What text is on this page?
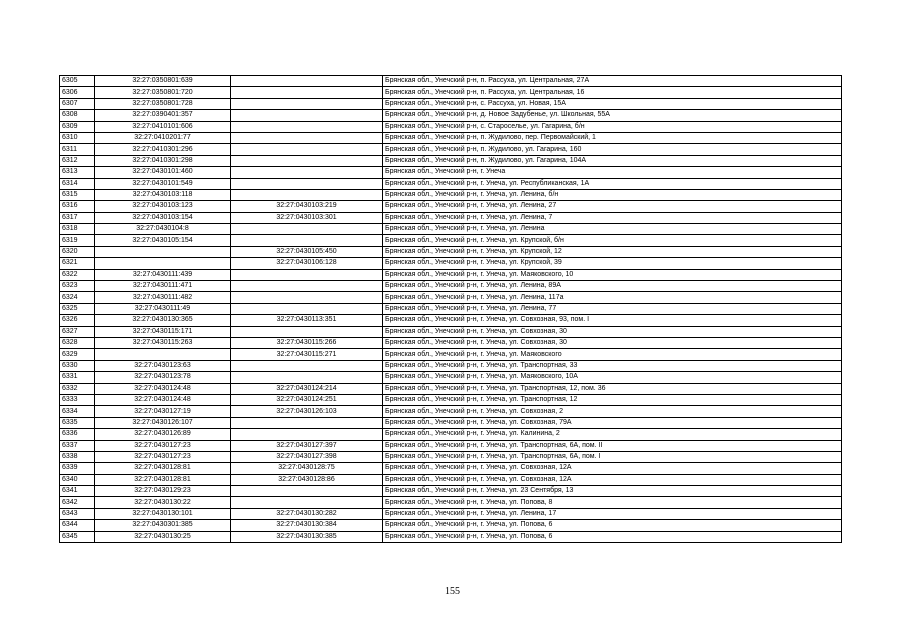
6305	32:27:0350801:639		Брянская обл., Унечский р-н, п. Рассуха, ул. Центральная, 27А
6306	32:27:0350801:720		Брянская обл., Унечский р-н, п. Рассуха, ул. Центральная, 16
6307	32:27:0350801:728		Брянская обл., Унечский р-н, с. Рассуха, ул. Новая, 15А
6308	32:27:0390401:357		Брянская обл., Унечский р-н, д. Новое Задубенье, ул. Школьная, 55А
6309	32:27:0410101:606		Брянская обл., Унечский р-н, с. Староселье, ул. Гагарина, б/н
6310	32:27:0410201:77		Брянская обл., Унечский р-н, п. Жудилово, пер. Первомайский, 1
6311	32:27:0410301:296		Брянская обл., Унечский р-н, п. Жудилово, ул. Гагарина, 160
6312	32:27:0410301:298		Брянская обл., Унечский р-н, п. Жудилово, ул. Гагарина, 104А
6313	32:27:0430101:460		Брянская обл., Унечский р-н, г. Унеча
6314	32:27:0430101:549		Брянская обл., Унечский р-н, г. Унеча, ул. Республиканская, 1А
6315	32:27:0430103:118		Брянская обл., Унечский р-н, г. Унеча, ул. Ленина, б/н
6316	32:27:0430103:123	32:27:0430103:219	Брянская обл., Унечский р-н, г. Унеча, ул. Ленина, 27
6317	32:27:0430103:154	32:27:0430103:301	Брянская обл., Унечский р-н, г. Унеча, ул. Ленина, 7
6318	32:27:0430104:8		Брянская обл., Унечский р-н, г. Унеча, ул. Ленина
6319	32:27:0430105:154		Брянская обл., Унечский р-н, г. Унеча, ул. Крупской, б/н
6320		32:27:0430105:450	Брянская обл., Унечский р-н, г. Унеча, ул. Крупской, 12
6321		32:27:0430106:128	Брянская обл., Унечский р-н, г. Унеча, ул. Крупской, 39
6322	32:27:0430111:439		Брянская обл., Унечский р-н, г. Унеча, ул. Маяковского, 10
6323	32:27:0430111:471		Брянская обл., Унечский р-н, г. Унеча, ул. Ленина, 89А
6324	32:27:0430111:482		Брянская обл., Унечский р-н, г. Унеча, ул. Ленина, 117а
6325	32:27:0430111:49		Брянская обл., Унечский р-н, г. Унеча, ул. Ленина, 77
6326	32:27:0430130:365	32:27:0430113:351	Брянская обл., Унечский р-н, г. Унеча, ул. Совхозная, 93, пом. I
6327	32:27:0430115:171		Брянская обл., Унечский р-н, г. Унеча, ул. Совхозная, 30
6328	32:27:0430115:263	32:27:0430115:266	Брянская обл., Унечский р-н, г. Унеча, ул. Совхозная, 30
6329		32:27:0430115:271	Брянская обл., Унечский р-н, г. Унеча, ул. Маяковского
6330	32:27:0430123:63		Брянская обл., Унечский р-н, г. Унеча, ул. Транспортная, 33
6331	32:27:0430123:78		Брянская обл., Унечский р-н, г. Унеча, ул. Маяковского, 10А
6332	32:27:0430124:48	32:27:0430124:214	Брянская обл., Унечский р-н, г. Унеча, ул. Транспортная, 12, пом. 36
6333	32:27:0430124:48	32:27:0430124:251	Брянская обл., Унечский р-н, г. Унеча, ул. Транспортная, 12
6334	32:27:0430127:19	32:27:0430126:103	Брянская обл., Унечский р-н, г. Унеча, ул. Совхозная, 2
6335	32:27:0430126:107		Брянская обл., Унечский р-н, г. Унеча, ул. Совхозная, 79А
6336	32:27:0430126:89		Брянская обл., Унечский р-н, г. Унеча, ул. Калинина, 2
6337	32:27:0430127:23	32:27:0430127:397	Брянская обл., Унечский р-н, г. Унеча, ул. Транспортная, 6А, пом. II
6338	32:27:0430127:23	32:27:0430127:398	Брянская обл., Унечский р-н, г. Унеча, ул. Транспортная, 6А, пом. I
6339	32:27:0430128:81	32:27:0430128:75	Брянская обл., Унечский р-н, г. Унеча, ул. Совхозная, 12А
6340	32:27:0430128:81	32:27:0430128:86	Брянская обл., Унечский р-н, г. Унеча, ул. Совхозная, 12А
6341	32:27:0430129:23		Брянская обл., Унечский р-н, г. Унеча, ул. 23 Сентября, 13
6342	32:27:0430130:22		Брянская обл., Унечский р-н, г. Унеча, ул. Попова, 8
6343	32:27:0430130:101	32:27:0430130:282	Брянская обл., Унечский р-н, г. Унеча, ул. Ленина, 17
6344	32:27:0430301:385	32:27:0430130:384	Брянская обл., Унечский р-н, г. Унеча, ул. Попова, 6
6345	32:27:0430130:25	32:27:0430130:385	Брянская обл., Унечский р-н, г. Унеча, ул. Попова, 6
155
